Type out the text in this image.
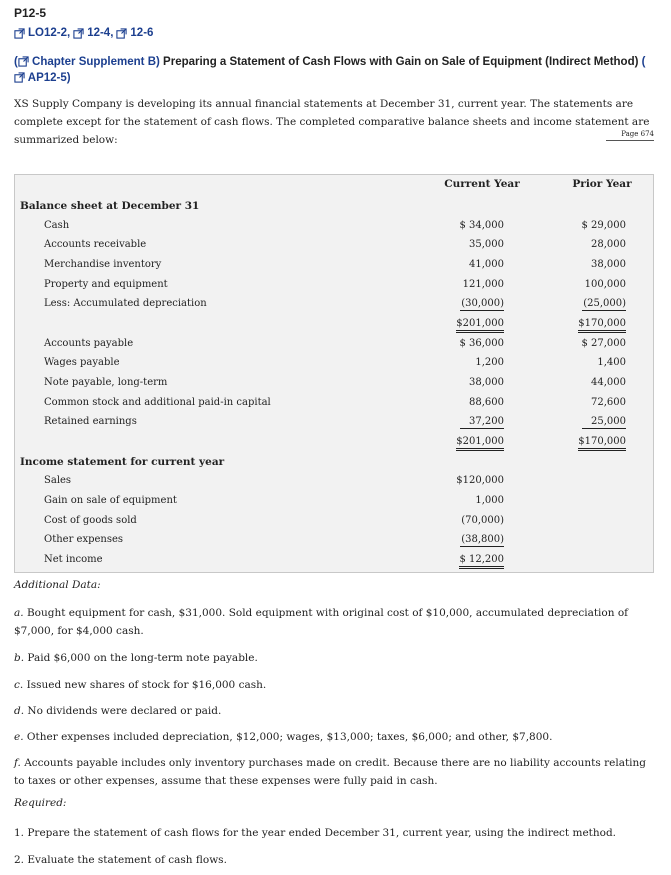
P12-5
LO12-2, 12-4, 12-6
( Chapter Supplement B) Preparing a Statement of Cash Flows with Gain on Sale of Equipment (Indirect Method) (
AP12-5)
XS Supply Company is developing its annual financial statements at December 31, current year. The statements are complete except for the statement of cash flows. The completed comparative balance sheets and income statement are summarized below:	Page 674
Current Year	Prior Year
Balance sheet at December 31
Cash	$ 34,000	$ 29,000
Accounts receivable	35,000	28,000
Merchandise inventory	41,000	38,000
Property and equipment	121,000	100,000
Less: Accumulated depreciation	(30,000)	(25,000)
$201,000	$170,000
Accounts payable	$ 36,000	$ 27,000
Wages payable	1,200	1,400
Note payable, long-term	38,000	44,000
Common stock and additional paid-in capital	88,600	72,600
Retained earnings	37,200	25,000
$201,000	$170,000
Income statement for current year
Sales	$120,000
Gain on sale of equipment	1,000
Cost of goods sold	(70,000)
Other expenses	(38,800)
Net income	$ 12,200
Additional Data:
a. Bought equipment for cash, $31,000. Sold equipment with original cost of $10,000, accumulated depreciation of $7,000, for $4,000 cash.
b. Paid $6,000 on the long-term note payable.
c. Issued new shares of stock for $16,000 cash.
d. No dividends were declared or paid.
e. Other expenses included depreciation, $12,000; wages, $13,000; taxes, $6,000; and other, $7,800.
f. Accounts payable includes only inventory purchases made on credit. Because there are no liability accounts relating to taxes or other expenses, assume that these expenses were fully paid in cash.
Required:
1. Prepare the statement of cash flows for the year ended December 31, current year, using the indirect method.
2. Evaluate the statement of cash flows.
